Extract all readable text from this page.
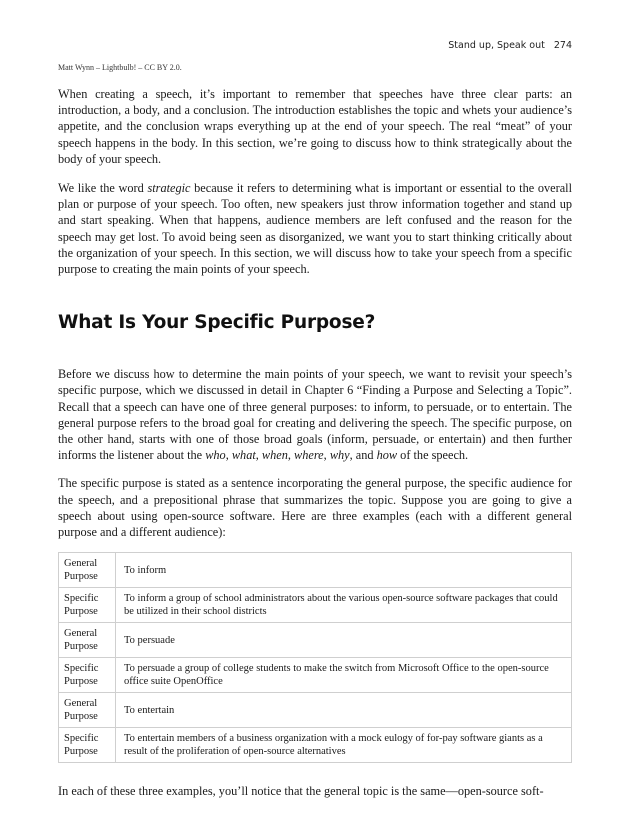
Stand up, Speak out 274
Matt Wynn – Lightbulb! – CC BY 2.0.

When creating a speech, it’s important to remember that speeches have three clear parts: an introduction, a body, and a conclusion. The introduction establishes the topic and whets your audience’s appetite, and the conclusion wraps everything up at the end of your speech. The real “meat” of your speech happens in the body. In this section, we’re going to discuss how to think strategically about the body of your speech.

We like the word strategic because it refers to determining what is important or essential to the overall plan or purpose of your speech. Too often, new speakers just throw information together and stand up and start speaking. When that happens, audience members are left confused and the reason for the speech may get lost. To avoid being seen as disorganized, we want you to start thinking critically about the organization of your speech. In this section, we will discuss how to take your speech from a specific purpose to creating the main points of your speech.

What Is Your Specific Purpose?

Before we discuss how to determine the main points of your speech, we want to revisit your speech’s specific purpose, which we discussed in detail in Chapter 6 “Finding a Purpose and Selecting a Topic”. Recall that a speech can have one of three general purposes: to inform, to persuade, or to entertain. The general purpose refers to the broad goal for creating and delivering the speech. The specific purpose, on the other hand, starts with one of those broad goals (inform, persuade, or entertain) and then further informs the listener about the who, what, when, where, why, and how of the speech.

The specific purpose is stated as a sentence incorporating the general purpose, the specific audience for the speech, and a prepositional phrase that summarizes the topic. Suppose you are going to give a speech about using open-source software. Here are three examples (each with a different general purpose and a different audience):

General Purpose	To inform
Specific Purpose	To inform a group of school administrators about the various open-source software packages that could be utilized in their school districts
General Purpose	To persuade
Specific Purpose	To persuade a group of college students to make the switch from Microsoft Office to the open-source office suite OpenOffice
General Purpose	To entertain
Specific Purpose	To entertain members of a business organization with a mock eulogy of for-pay software giants as a result of the proliferation of open-source alternatives

In each of these three examples, you’ll notice that the general topic is the same—open-source soft-
